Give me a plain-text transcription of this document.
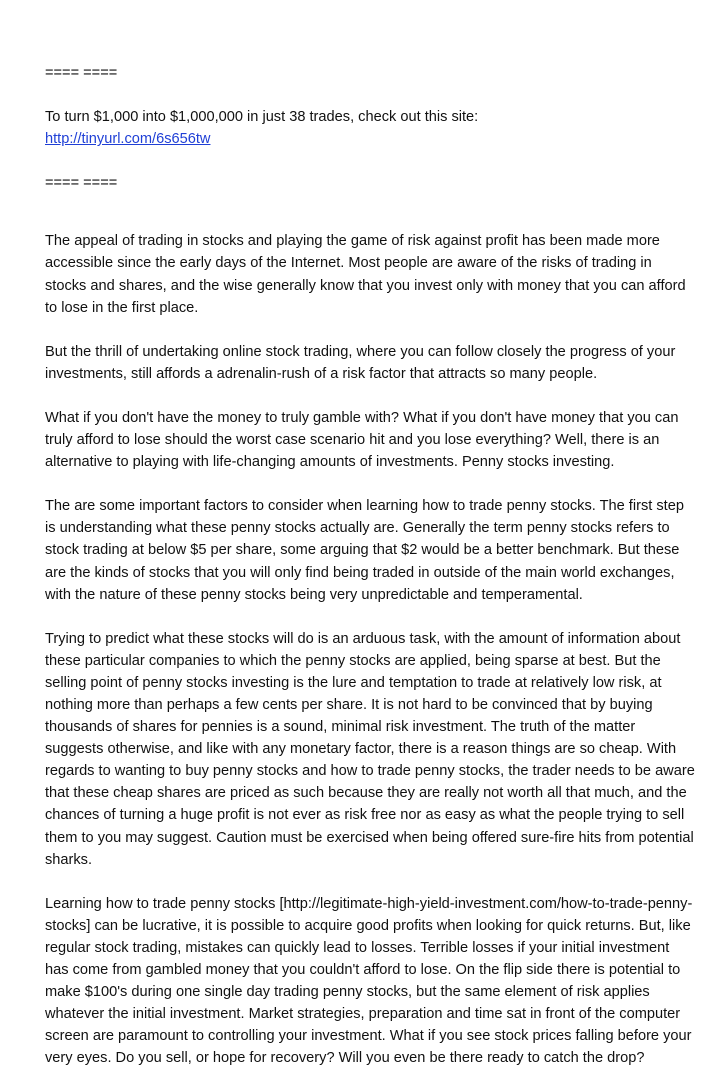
==== ====

To turn $1,000 into $1,000,000 in just 38 trades, check out this site:

http://tinyurl.com/6s656tw

==== ====

The appeal of trading in stocks and playing the game of risk against profit has been made more accessible since the early days of the Internet. Most people are aware of the risks of trading in stocks and shares, and the wise generally know that you invest only with money that you can afford to lose in the first place.

But the thrill of undertaking online stock trading, where you can follow closely the progress of your investments, still affords a adrenalin-rush of a risk factor that attracts so many people.

What if you don't have the money to truly gamble with? What if you don't have money that you can truly afford to lose should the worst case scenario hit and you lose everything? Well, there is an alternative to playing with life-changing amounts of investments. Penny stocks investing.

The are some important factors to consider when learning how to trade penny stocks. The first step is understanding what these penny stocks actually are. Generally the term penny stocks refers to stock trading at below $5 per share, some arguing that $2 would be a better benchmark. But these are the kinds of stocks that you will only find being traded in outside of the main world exchanges, with the nature of these penny stocks being very unpredictable and temperamental.

Trying to predict what these stocks will do is an arduous task, with the amount of information about these particular companies to which the penny stocks are applied, being sparse at best. But the selling point of penny stocks investing is the lure and temptation to trade at relatively low risk, at nothing more than perhaps a few cents per share. It is not hard to be convinced that by buying thousands of shares for pennies is a sound, minimal risk investment. The truth of the matter suggests otherwise, and like with any monetary factor, there is a reason things are so cheap. With regards to wanting to buy penny stocks and how to trade penny stocks, the trader needs to be aware that these cheap shares are priced as such because they are really not worth all that much, and the chances of turning a huge profit is not ever as risk free nor as easy as what the people trying to sell them to you may suggest. Caution must be exercised when being offered sure-fire hits from potential sharks.

Learning how to trade penny stocks [http://legitimate-high-yield-investment.com/how-to-trade-penny-stocks] can be lucrative, it is possible to acquire good profits when looking for quick returns. But, like regular stock trading, mistakes can quickly lead to losses. Terrible losses if your initial investment has come from gambled money that you couldn't afford to lose. On the flip side there is potential to make $100's during one single day trading penny stocks, but the same element of risk applies whatever the initial investment. Market strategies, preparation and time sat in front of the computer screen are paramount to controlling your investment. What if you see stock prices falling before your very eyes. Do you sell, or hope for recovery? Will you even be there ready to catch the drop?
